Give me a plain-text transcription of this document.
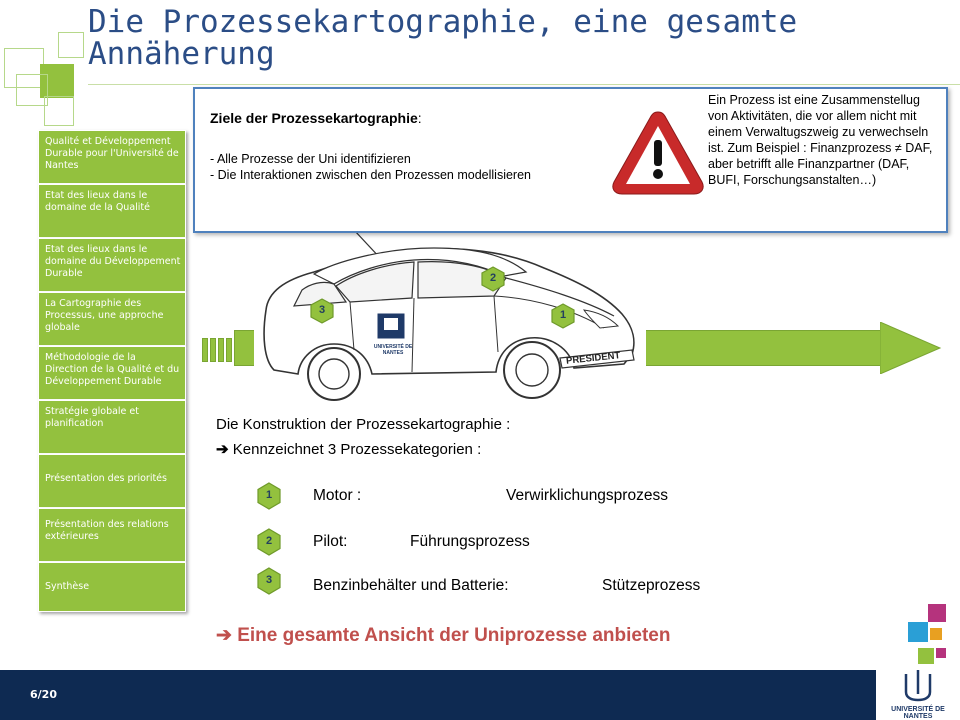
Die Prozessekartographie, eine gesamte
Annäherung
Qualité et Développement Durable pour l'Université de Nantes
Etat des lieux dans le domaine de la Qualité
Etat des lieux dans le domaine du Développement Durable
La Cartographie des Processus, une approche globale
Méthodologie de la Direction de la Qualité et du Développement Durable
Stratégie globale et planification
Présentation des priorités
Présentation des relations extérieures
Synthèse
UNIVERSITÉ DE NANTES	PRESIDENT
2
3	1
Ziele der Prozessekartographie:
- Alle Prozesse der Uni identifizieren
- Die Interaktionen zwischen den Prozessen modellisieren
Ein Prozess ist eine Zusammenstellug von Aktivitäten, die vor allem nicht mit einem Verwaltugszweig zu verwechseln ist. Zum Beispiel : Finanzprozess ≠ DAF, aber betrifft alle Finanzpartner (DAF, BUFI, Forschungsanstalten…)
Die Konstruktion der Prozessekartographie :
➔ Kennzeichnet 3 Prozessekategorien :
1	Motor :	Verwirklichungsprozess
2	Pilot:	Führungsprozess
3	Benzinbehälter und Batterie:	Stützeprozess
➔ Eine gesamte Ansicht der Uniprozesse anbieten
6/20
UNIVERSITÉ DE NANTES
